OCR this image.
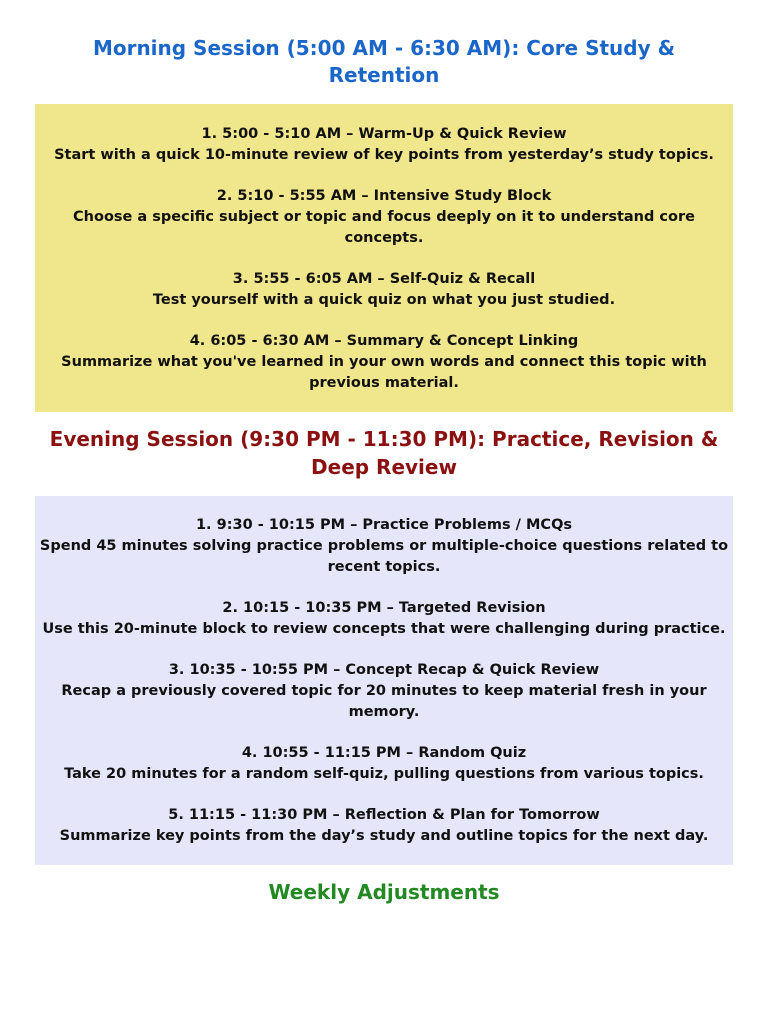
Morning Session (5:00 AM - 6:30 AM): Core Study & Retention
1. 5:00 - 5:10 AM – Warm-Up & Quick Review
Start with a quick 10-minute review of key points from yesterday’s study topics.
2. 5:10 - 5:55 AM – Intensive Study Block
Choose a specific subject or topic and focus deeply on it to understand core concepts.
3. 5:55 - 6:05 AM – Self-Quiz & Recall
Test yourself with a quick quiz on what you just studied.
4. 6:05 - 6:30 AM – Summary & Concept Linking
Summarize what you've learned in your own words and connect this topic with previous material.
Evening Session (9:30 PM - 11:30 PM): Practice, Revision & Deep Review
1. 9:30 - 10:15 PM – Practice Problems / MCQs
Spend 45 minutes solving practice problems or multiple-choice questions related to recent topics.
2. 10:15 - 10:35 PM – Targeted Revision
Use this 20-minute block to review concepts that were challenging during practice.
3. 10:35 - 10:55 PM – Concept Recap & Quick Review
Recap a previously covered topic for 20 minutes to keep material fresh in your memory.
4. 10:55 - 11:15 PM – Random Quiz
Take 20 minutes for a random self-quiz, pulling questions from various topics.
5. 11:15 - 11:30 PM – Reflection & Plan for Tomorrow
Summarize key points from the day’s study and outline topics for the next day.
Weekly Adjustments
